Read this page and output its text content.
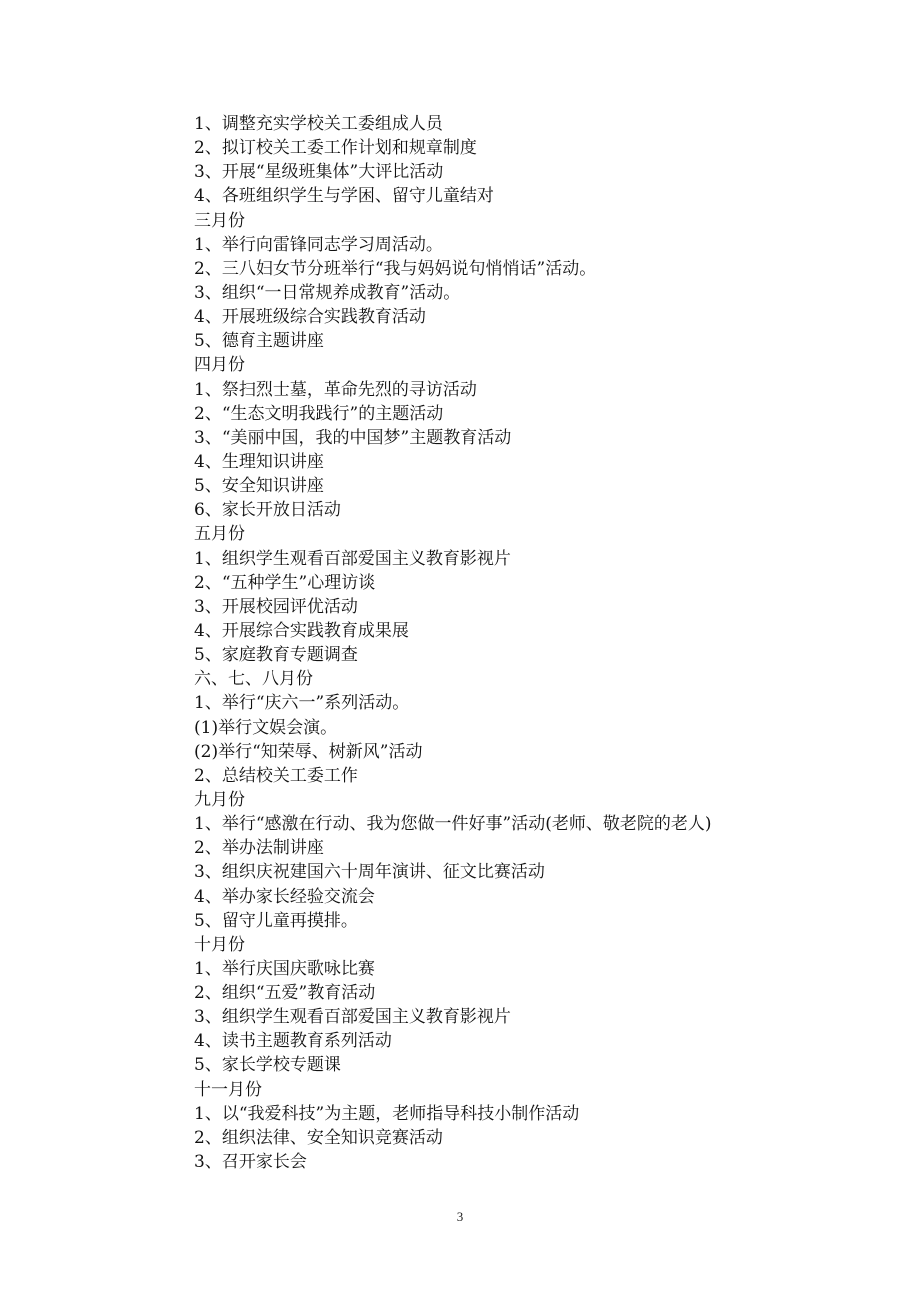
1、调整充实学校关工委组成人员
2、拟订校关工委工作计划和规章制度
3、开展“星级班集体”大评比活动
4、各班组织学生与学困、留守儿童结对
三月份
1、举行向雷锋同志学习周活动。
2、三八妇女节分班举行“我与妈妈说句悄悄话”活动。
3、组织“一日常规养成教育”活动。
4、开展班级综合实践教育活动
5、德育主题讲座
四月份
1、祭扫烈士墓，革命先烈的寻访活动
2、“生态文明我践行”的主题活动
3、“美丽中国，我的中国梦”主题教育活动
4、生理知识讲座
5、安全知识讲座
6、家长开放日活动
五月份
1、组织学生观看百部爱国主义教育影视片
2、“五种学生”心理访谈
3、开展校园评优活动
4、开展综合实践教育成果展
5、家庭教育专题调查
六、七、八月份
1、举行“庆六一”系列活动。
(1)举行文娱会演。
(2)举行“知荣辱、树新风”活动
2、总结校关工委工作
九月份
1、举行“感激在行动、我为您做一件好事”活动(老师、敬老院的老人)
2、举办法制讲座
3、组织庆祝建国六十周年演讲、征文比赛活动
4、举办家长经验交流会
5、留守儿童再摸排。
十月份
1、举行庆国庆歌咏比赛
2、组织“五爱”教育活动
3、组织学生观看百部爱国主义教育影视片
4、读书主题教育系列活动
5、家长学校专题课
十一月份
1、以“我爱科技”为主题，老师指导科技小制作活动
2、组织法律、安全知识竞赛活动
3、召开家长会
3
